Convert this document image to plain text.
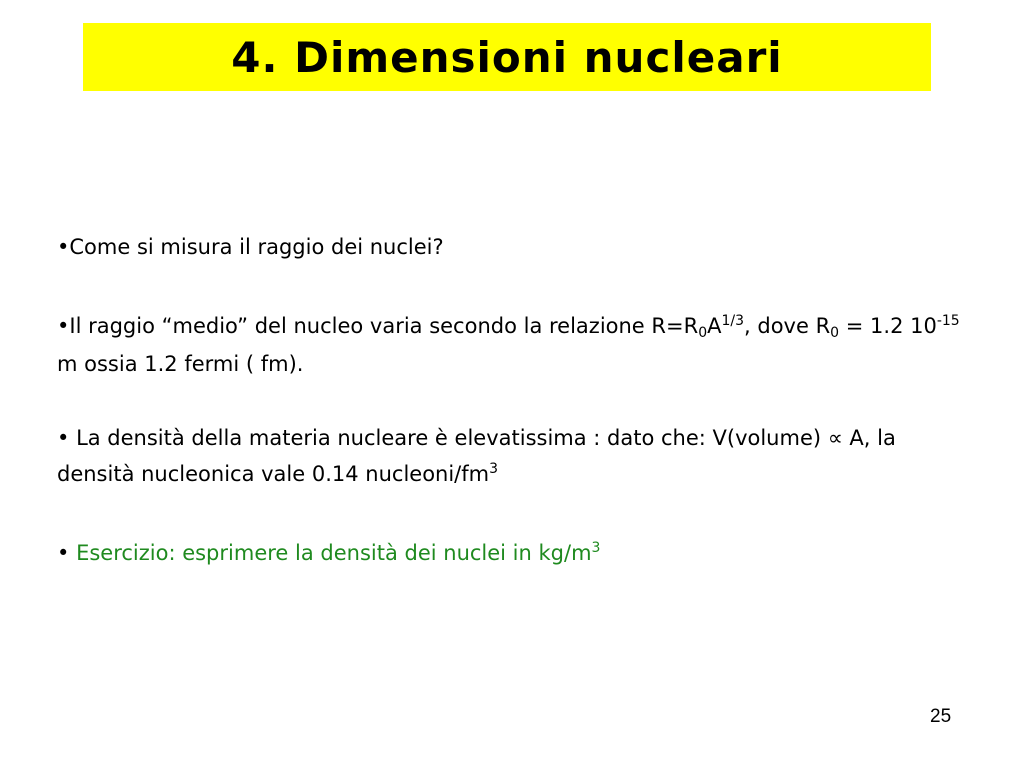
4. Dimensioni nucleari

•Come si misura il raggio dei nuclei?

•Il raggio “medio” del nucleo varia secondo la relazione $R=R_0A^{1/3}$, dove $R_0 = 1.2$ $10^{-15}$ m ossia 1.2 fermi ( fm).

• La densità della materia nucleare è elevatissima : dato che: V(volume) ∝ A, la densità nucleonica vale 0.14 nucleoni/$fm^3$

• Esercizio: esprimere la densità dei nuclei in $kg/m^3$

25
